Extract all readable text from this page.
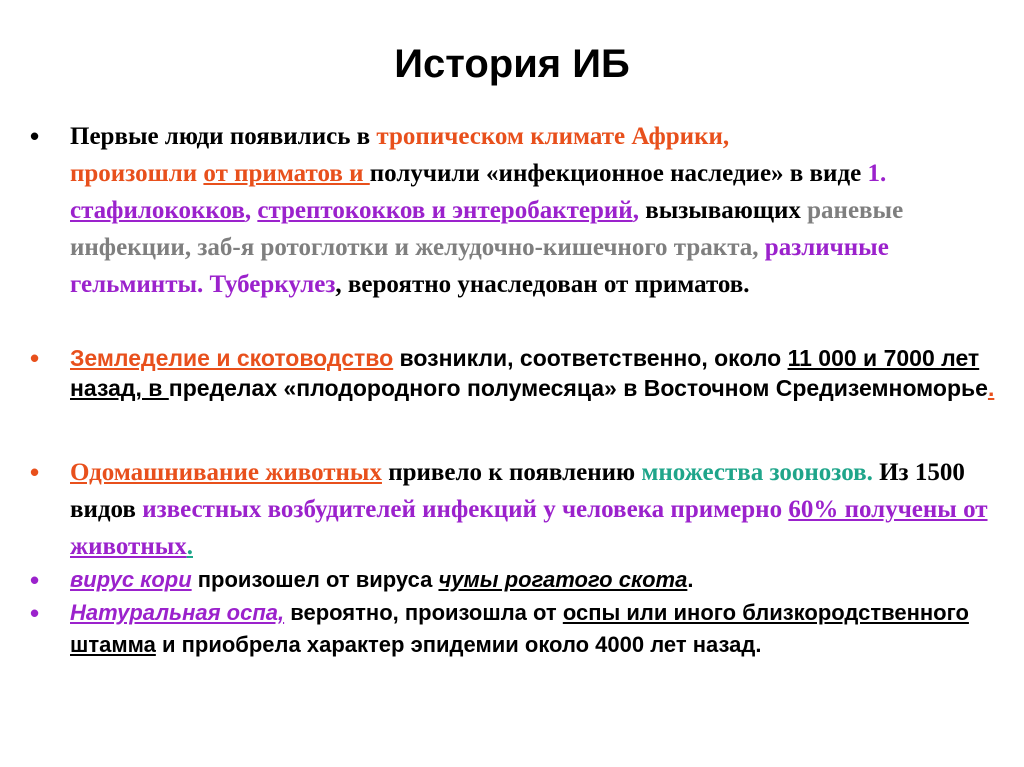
История ИБ
• Первые люди появились в тропическом климате Африки,
произошли от приматов и получили «инфекционное наследие» в виде 1. стафилококков, стрептококков и энтеробактерий, вызывающих раневые инфекции, заб-я ротоглотки и желудочно-кишечного тракта, различные гельминты. Туберкулез, вероятно унаследован от приматов.
• Земледелие и скотоводство возникли, соответственно, около 11 000 и 7000 лет назад, в пределах «плодородного полумесяца» в Восточном Средиземноморье.
• Одомашнивание животных привело к появлению множества зоонозов. Из 1500 видов известных возбудителей инфекций у человека примерно 60% получены от животных.
• вирус кори произошел от вируса чумы рогатого скота.
• Натуральная оспа, вероятно, произошла от оспы или иного близкородственного штамма и приобрела характер эпидемии около 4000 лет назад.
